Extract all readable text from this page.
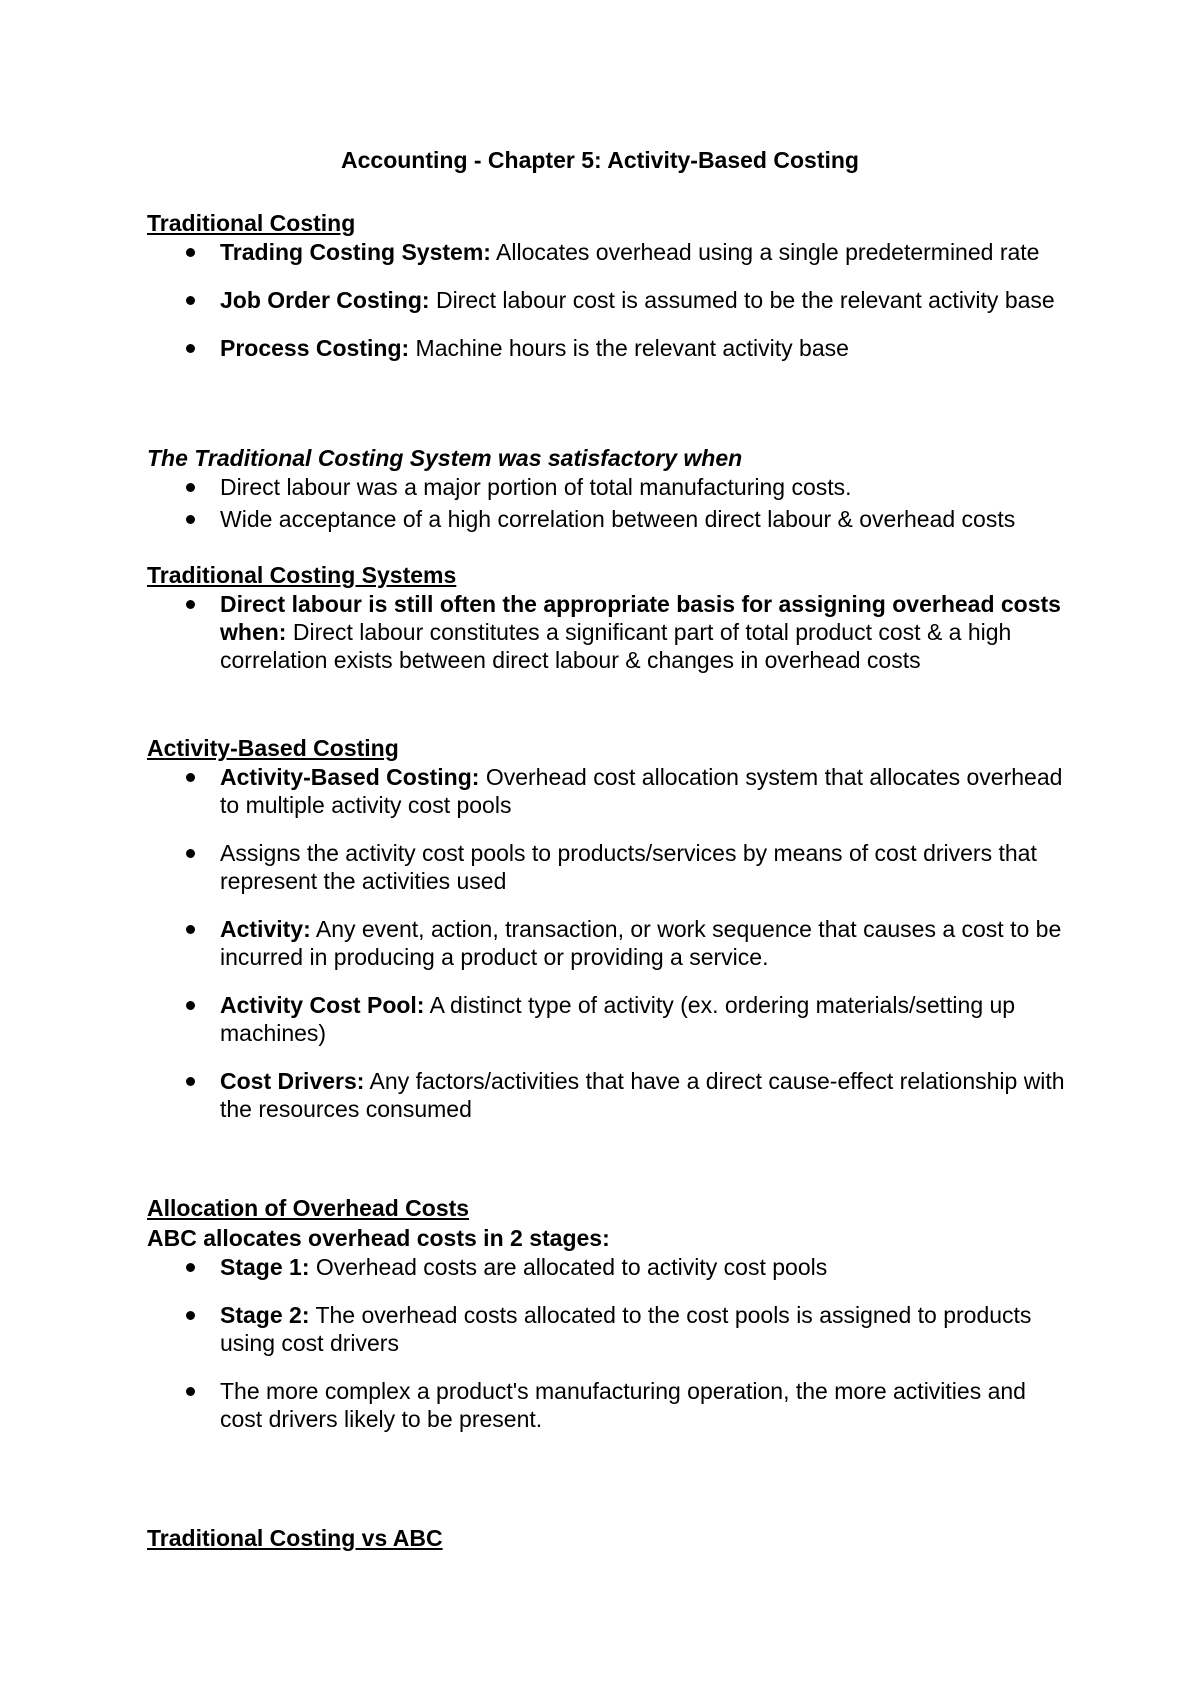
Accounting - Chapter 5: Activity-Based Costing
Traditional Costing
Trading Costing System: Allocates overhead using a single predetermined rate
Job Order Costing: Direct labour cost is assumed to be the relevant activity base
Process Costing: Machine hours is the relevant activity base
The Traditional Costing System was satisfactory when
Direct labour was a major portion of total manufacturing costs.
Wide acceptance of a high correlation between direct labour & overhead costs
Traditional Costing Systems
Direct labour is still often the appropriate basis for assigning overhead costs when: Direct labour constitutes a significant part of total product cost & a high correlation exists between direct labour & changes in overhead costs
Activity-Based Costing
Activity-Based Costing: Overhead cost allocation system that allocates overhead to multiple activity cost pools
Assigns the activity cost pools to products/services by means of cost drivers that represent the activities used
Activity: Any event, action, transaction, or work sequence that causes a cost to be incurred in producing a product or providing a service.
Activity Cost Pool: A distinct type of activity (ex. ordering materials/setting up machines)
Cost Drivers: Any factors/activities that have a direct cause-effect relationship with the resources consumed
Allocation of Overhead Costs
ABC allocates overhead costs in 2 stages:
Stage 1: Overhead costs are allocated to activity cost pools
Stage 2: The overhead costs allocated to the cost pools is assigned to products using cost drivers
The more complex a product's manufacturing operation, the more activities and cost drivers likely to be present.
Traditional Costing vs ABC
